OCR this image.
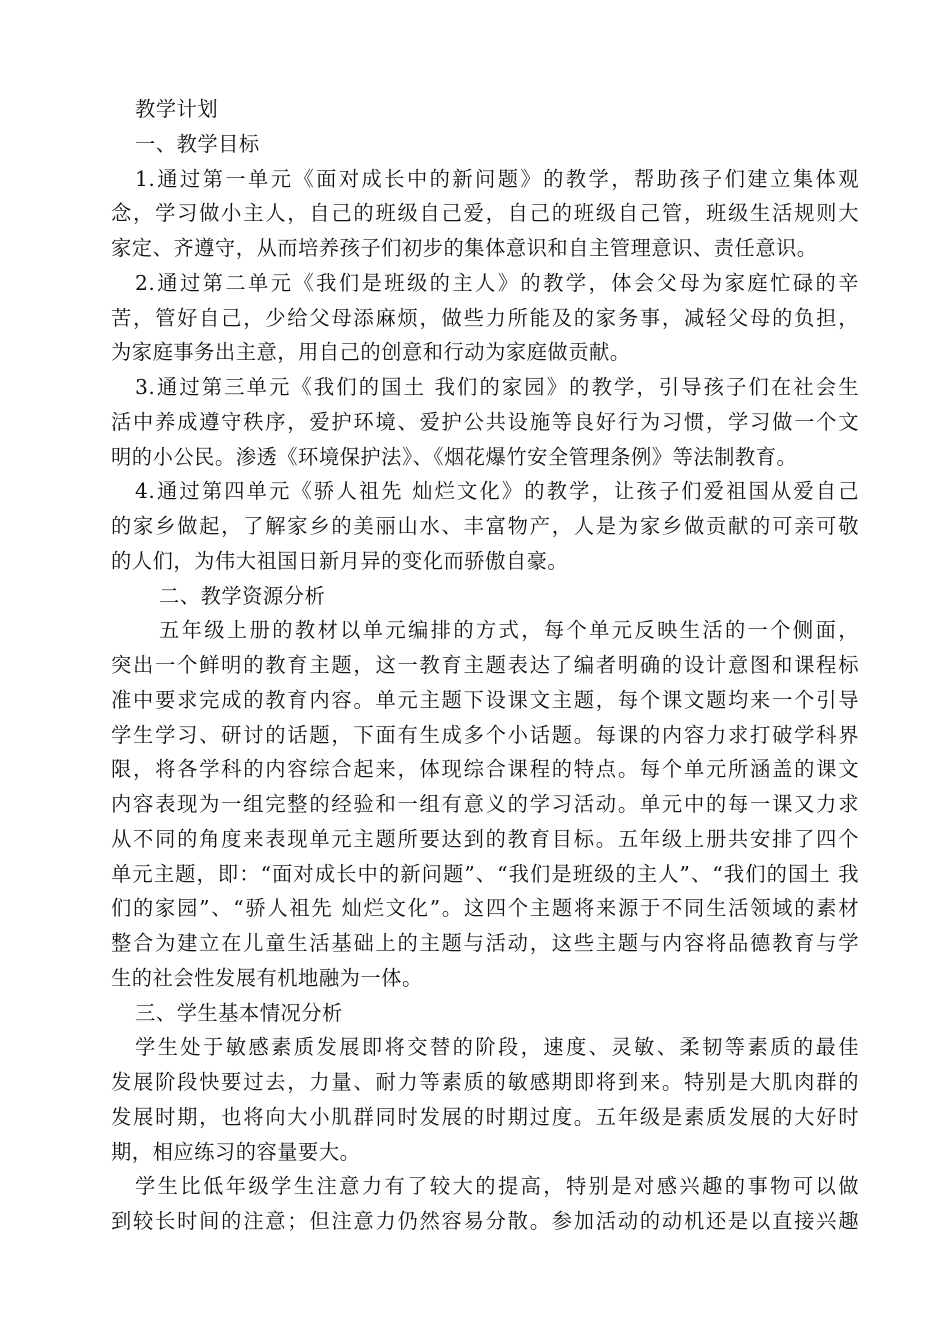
教学计划
一、教学目标
1.通过第一单元《面对成长中的新问题》的教学，帮助孩子们建立集体观
念，学习做小主人，自己的班级自己爱，自己的班级自己管，班级生活规则大
家定、齐遵守，从而培养孩子们初步的集体意识和自主管理意识、责任意识。
2.通过第二单元《我们是班级的主人》的教学，体会父母为家庭忙碌的辛
苦，管好自己，少给父母添麻烦，做些力所能及的家务事，减轻父母的负担，
为家庭事务出主意，用自己的创意和行动为家庭做贡献。
3.通过第三单元《我们的国土 我们的家园》的教学，引导孩子们在社会生
活中养成遵守秩序，爱护环境、爱护公共设施等良好行为习惯，学习做一个文
明的小公民。渗透《环境保护法》、《烟花爆竹安全管理条例》等法制教育。
4.通过第四单元《骄人祖先 灿烂文化》的教学，让孩子们爱祖国从爱自己
的家乡做起，了解家乡的美丽山水、丰富物产，人是为家乡做贡献的可亲可敬
的人们，为伟大祖国日新月异的变化而骄傲自豪。
二、教学资源分析
五年级上册的教材以单元编排的方式，每个单元反映生活的一个侧面，
突出一个鲜明的教育主题，这一教育主题表达了编者明确的设计意图和课程标
准中要求完成的教育内容。单元主题下设课文主题，每个课文题均来一个引导
学生学习、研讨的话题，下面有生成多个小话题。每课的内容力求打破学科界
限，将各学科的内容综合起来，体现综合课程的特点。每个单元所涵盖的课文
内容表现为一组完整的经验和一组有意义的学习活动。单元中的每一课又力求
从不同的角度来表现单元主题所要达到的教育目标。五年级上册共安排了四个
单元主题，即：“面对成长中的新问题”、“我们是班级的主人”、“我们的国土 我
们的家园”、“骄人祖先 灿烂文化”。这四个主题将来源于不同生活领域的素材
整合为建立在儿童生活基础上的主题与活动，这些主题与内容将品德教育与学
生的社会性发展有机地融为一体。
三、学生基本情况分析
学生处于敏感素质发展即将交替的阶段，速度、灵敏、柔韧等素质的最佳
发展阶段快要过去，力量、耐力等素质的敏感期即将到来。特别是大肌肉群的
发展时期，也将向大小肌群同时发展的时期过度。五年级是素质发展的大好时
期，相应练习的容量要大。
学生比低年级学生注意力有了较大的提高，特别是对感兴趣的事物可以做
到较长时间的注意；但注意力仍然容易分散。参加活动的动机还是以直接兴趣
